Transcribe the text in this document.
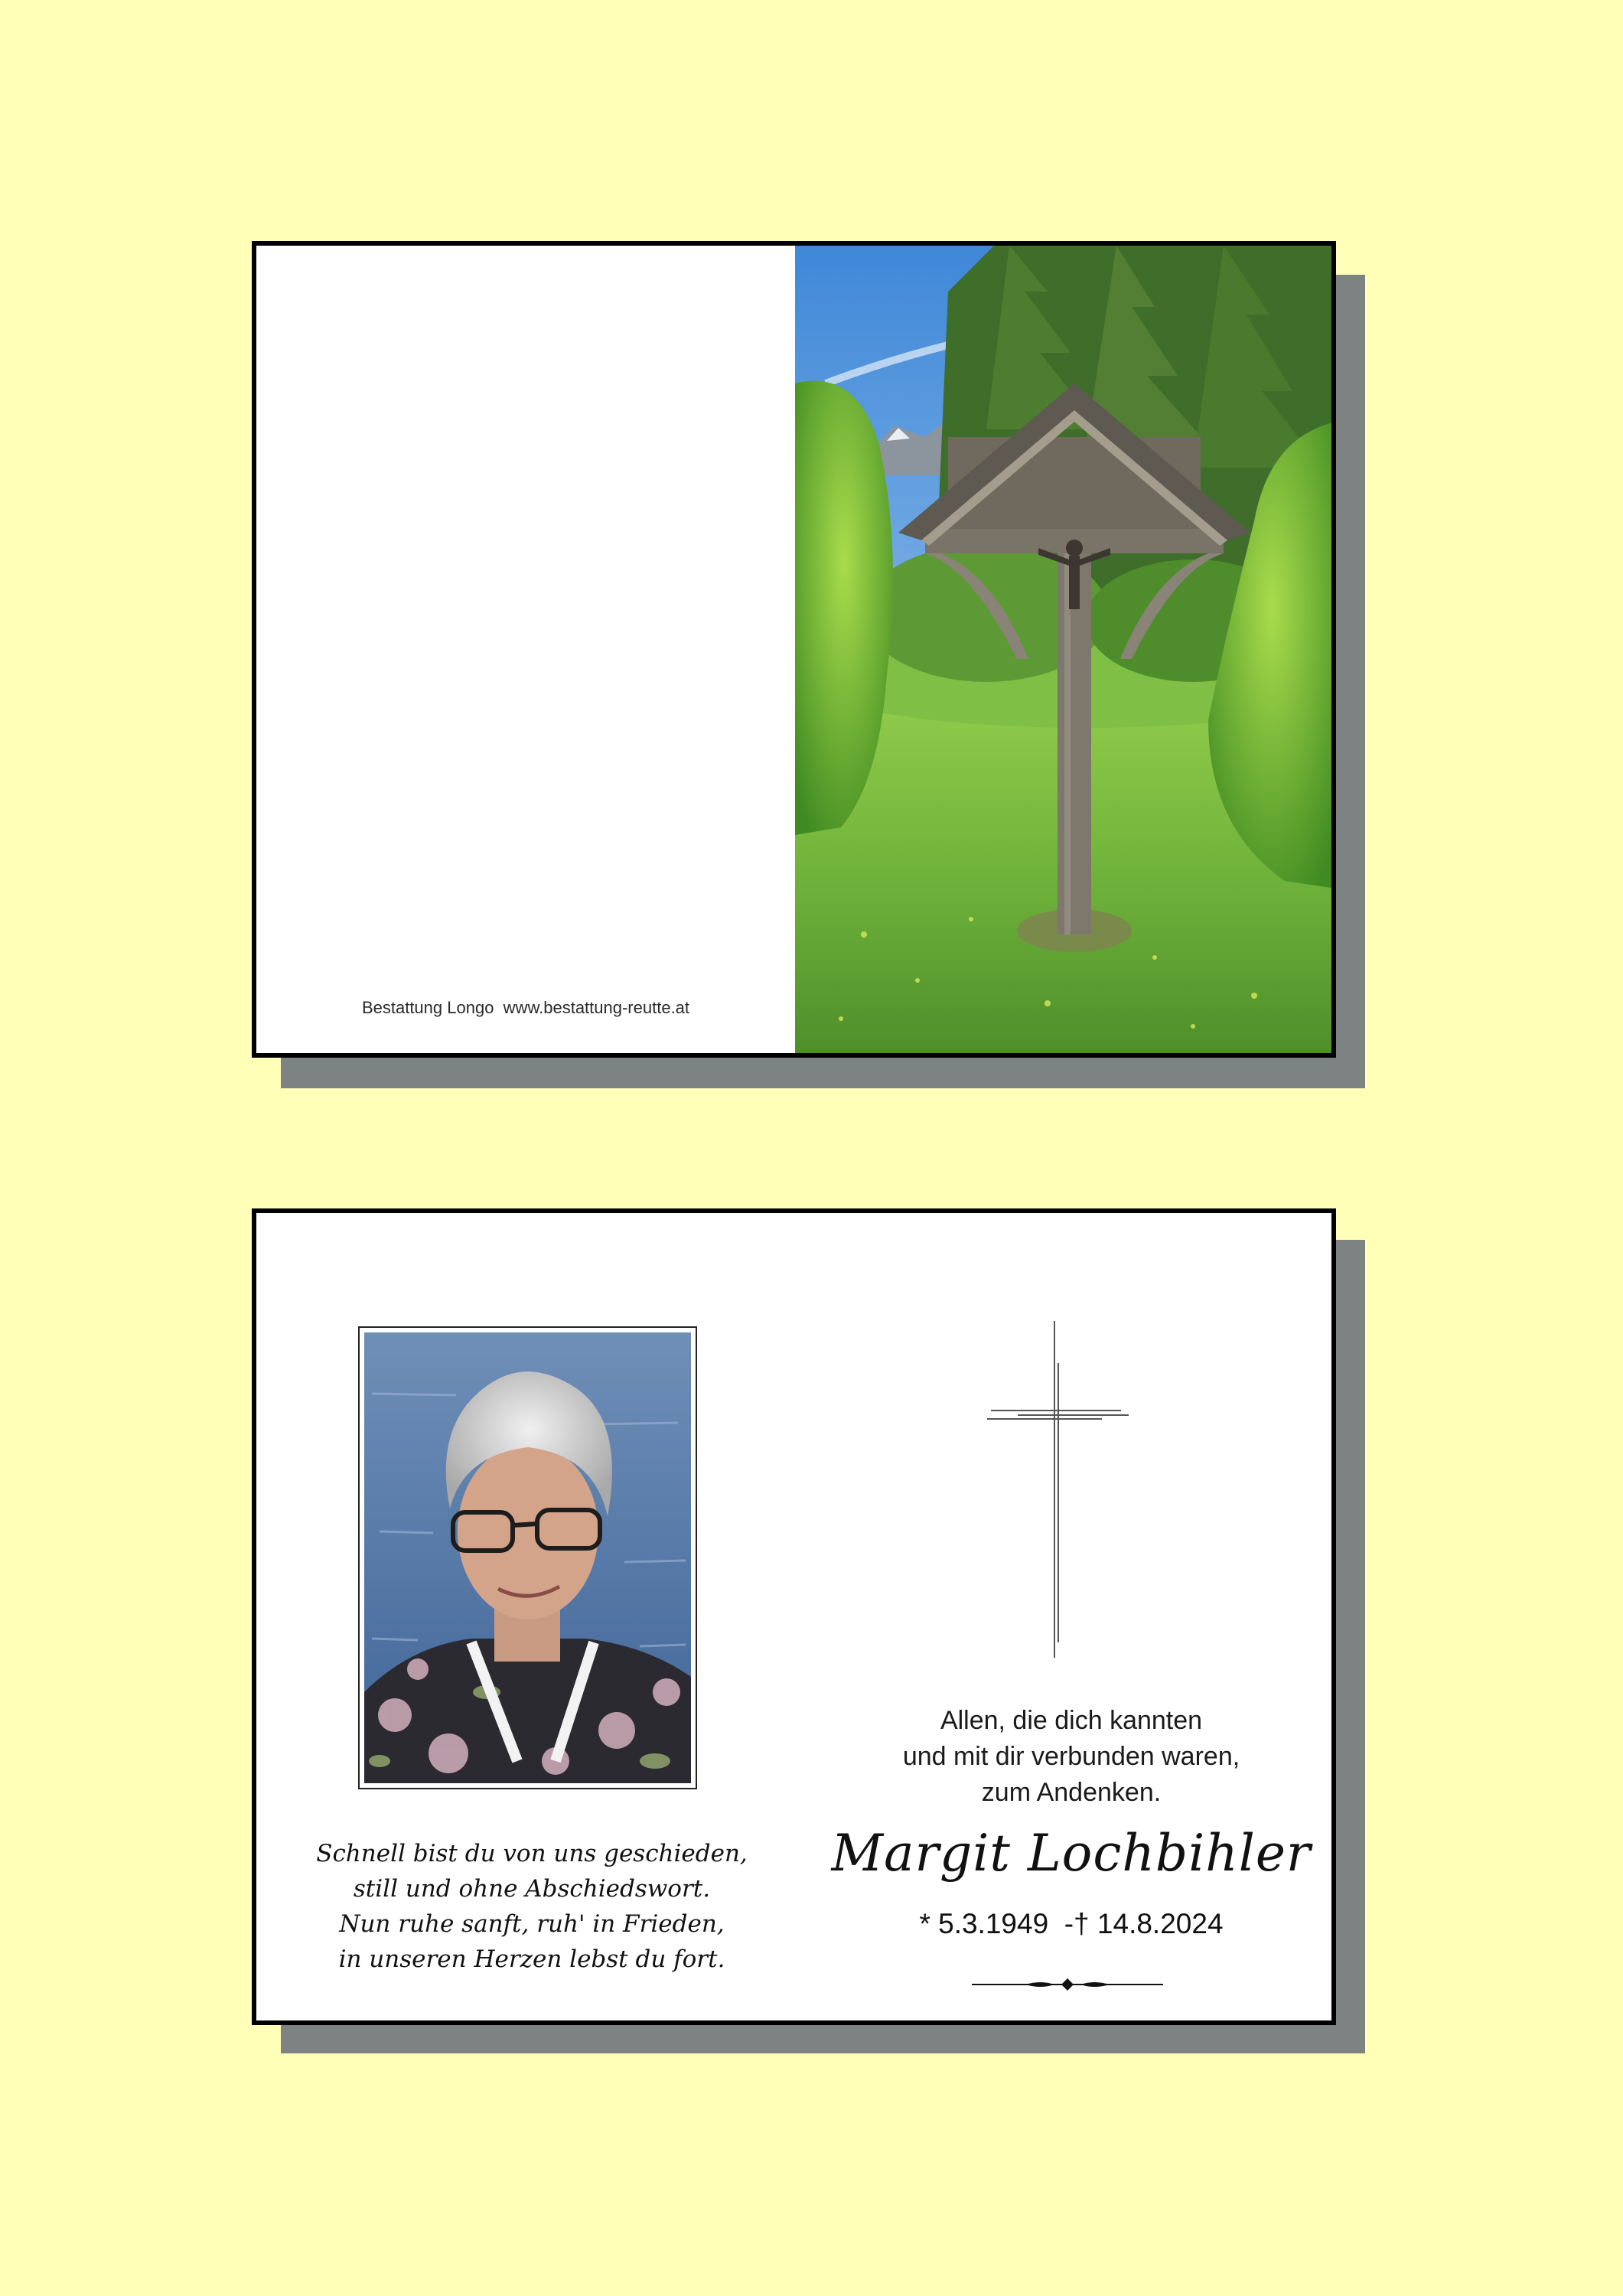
Bestattung Longo www.bestattung-reutte.at
Schnell bist du von uns geschieden,
still und ohne Abschiedswort.
Nun ruhe sanft, ruh' in Frieden,
in unseren Herzen lebst du fort.
Allen, die dich kannten
und mit dir verbunden waren,
zum Andenken.
Margit Lochbihler
* 5.3.1949 -† 14.8.2024
